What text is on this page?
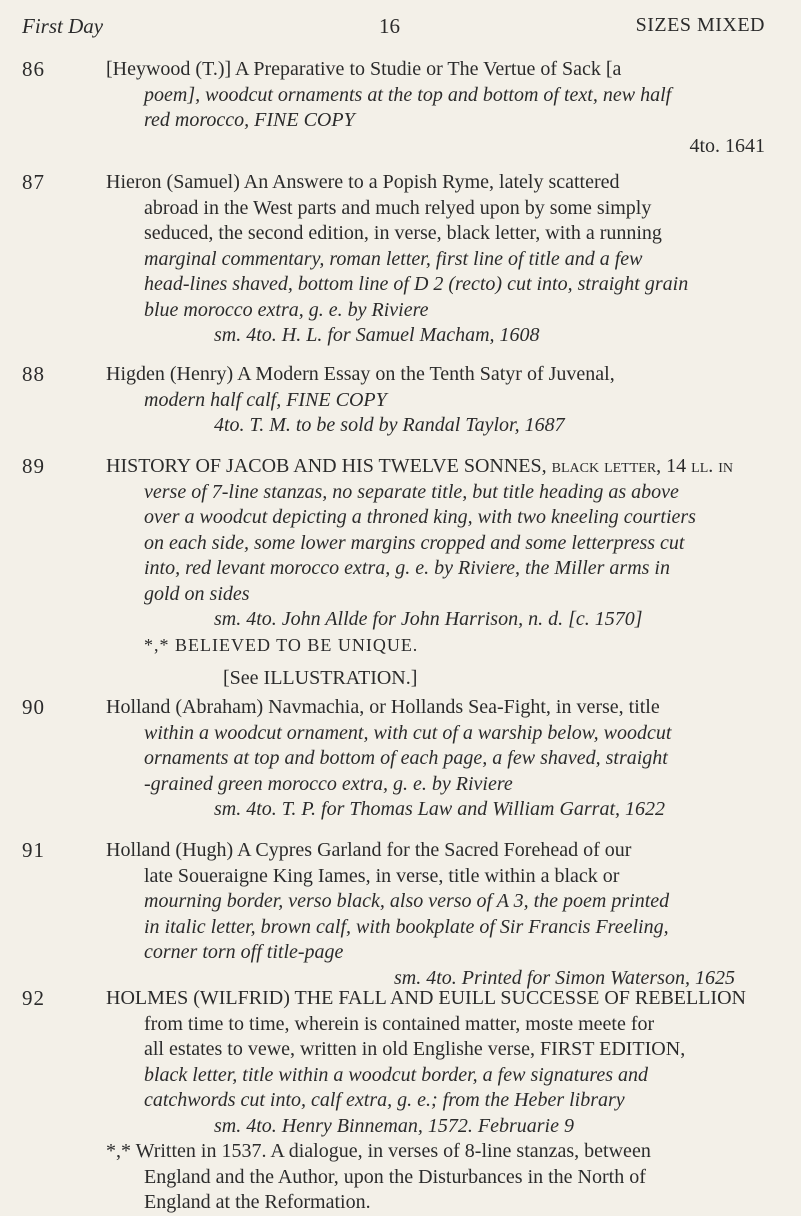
First Day	16	SIZES MIXED
86	[Heywood (T.)] A Preparative to Studie or The Vertue of Sack [a
poem], woodcut ornaments at the top and bottom of text, new half
red morocco, FINE COPY
4to. 1641
87	Hieron (Samuel) An Answere to a Popish Ryme, lately scattered
abroad in the West parts and much relyed upon by some simply
seduced, the second edition, in verse, black letter, with a running
marginal commentary, roman letter, first line of title and a few
head-lines shaved, bottom line of D 2 (recto) cut into, straight grain
blue morocco extra, g. e. by Riviere
sm. 4to. H. L. for Samuel Macham, 1608
88	Higden (Henry) A Modern Essay on the Tenth Satyr of Juvenal,
modern half calf, FINE COPY
4to. T. M. to be sold by Randal Taylor, 1687
89	HISTORY OF JACOB AND HIS TWELVE SONNES, black letter, 14 ll. in
verse of 7-line stanzas, no separate title, but title heading as above
over a woodcut depicting a throned king, with two kneeling courtiers
on each side, some lower margins cropped and some letterpress cut
into, red levant morocco extra, g. e. by Riviere, the Miller arms in
gold on sides
sm. 4to. John Allde for John Harrison, n. d. [c. 1570]
*,* BELIEVED TO BE UNIQUE.
[See ILLUSTRATION.]
90	Holland (Abraham) Navmachia, or Hollands Sea-Fight, in verse, title
within a woodcut ornament, with cut of a warship below, woodcut
ornaments at top and bottom of each page, a few shaved, straight
-grained green morocco extra, g. e. by Riviere
sm. 4to. T. P. for Thomas Law and William Garrat, 1622
91	Holland (Hugh) A Cypres Garland for the Sacred Forehead of our
late Soueraigne King Iames, in verse, title within a black or
mourning border, verso black, also verso of A 3, the poem printed
in italic letter, brown calf, with bookplate of Sir Francis Freeling,
corner torn off title-page
sm. 4to. Printed for Simon Waterson, 1625
92	HOLMES (WILFRID) THE FALL AND EUILL SUCCESSE OF REBELLION
from time to time, wherein is contained matter, moste meete for
all estates to vewe, written in old Englishe verse, FIRST EDITION,
black letter, title within a woodcut border, a few signatures and
catchwords cut into, calf extra, g. e.; from the Heber library
sm. 4to. Henry Binneman, 1572. Februarie 9
*,* Written in 1537. A dialogue, in verses of 8-line stanzas, between
England and the Author, upon the Disturbances in the North of
England at the Reformation.
